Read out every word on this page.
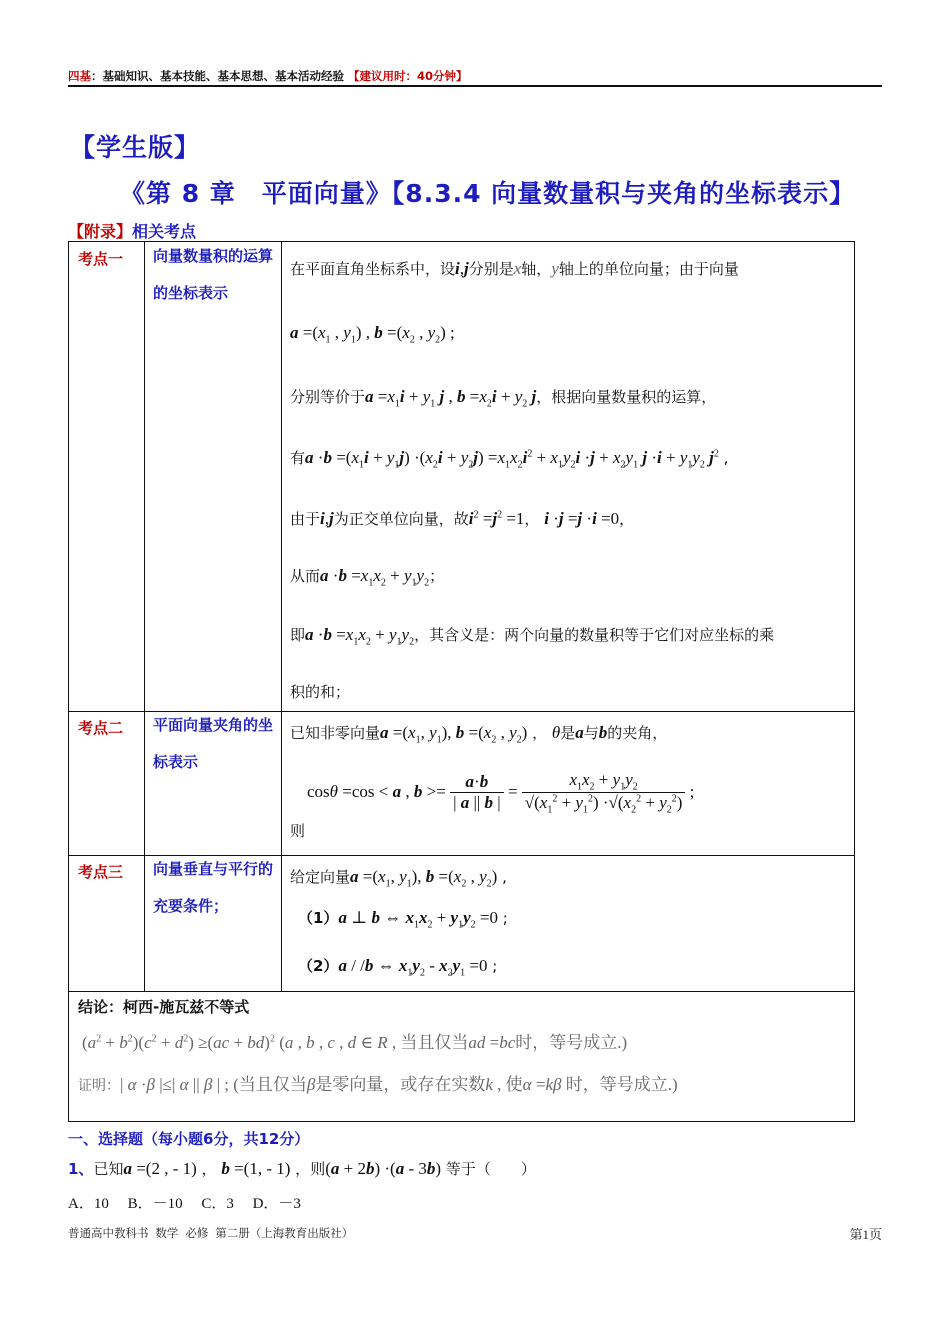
四基：基础知识、基本技能、基本思想、基本活动经验 【建议用时：40分钟】
【学生版】
《第 8 章　平面向量》【8.3.4 向量数量积与夹角的坐标表示】
【附录】相关考点
考点一 向量数量积的运算的坐标表示
在平面直角坐标系中，设i,j分别是x轴，y轴上的单位向量；由于向量
$a =(x_1$ , $y_1$) , $b =(x_2$ , $y_2$) ;
分别等价于$a =x_1i + y_1$ j , $b =x_2i + y_2$ j，根据向量数量积的运算，
有$a \cdot b =(x_1i + y_1j) \cdot(x_2i + y_2j) =x_1x_2i^2 + x_1y_2i \cdot j + x_2y_1$ $j \cdot i + y_1y_2$ $j^2$ ,
由于i,j为正交单位向量，故$i^2 =j^2 =1$， i ·j =j ·i =0，
从而$a \cdot b =x_1x_2 + y_1y_2$；
即$a \cdot b =x_1x_2 + y_1y_2$，其含义是：两个向量的数量积等于它们对应坐标的乘
积的和；
考点二 平面向量夹角的坐标表示
已知非零向量$a =(x_1$, $y_1$), $b =(x_2$ , $y_2$) ， θ是a与b的夹角，
cosθ =cos < a , $b >= \frac{a\cdot b}{| a || b |} = \frac{x_1x_2 + y_1y_2}{√(x_1^2 + y_1^2) \cdot√(x_2^2 + y_2^2)}$ ;
则
考点三 向量垂直与平行的充要条件；
给定向量$a =(x_1$, $y_1$), $b =(x_2$ , $y_2$) ,
（1）a ⊥ b ⇔ $x_1x_2 + y_1y_2 =0$ ;
（2）a / /b ⇔ $x_1y_2 - x_2y_1 =0$ ;
结论：柯西-施瓦兹不等式
$(a^2 + b^2)(c^2 + d^2) \ge(ac + bd)^2$ (a , b , c , d ∈ R , 当且仅当ad =bc时，等号成立.)
证明：| α ·β |≤| α || β | ; (当且仅当β是零向量，或存在实数k , 使α =kβ 时，等号成立.)
一、选择题（每小题6分，共12分）
1、已知a =(2 , - 1) ， b =(1, - 1) ，则(a + 2b) ·(a - 3b) 等于（　　）
A．10　 B．－10　 C．3　 D．－3
普通高中教科书 数学 必修 第二册（上海教育出版社）	第1页
